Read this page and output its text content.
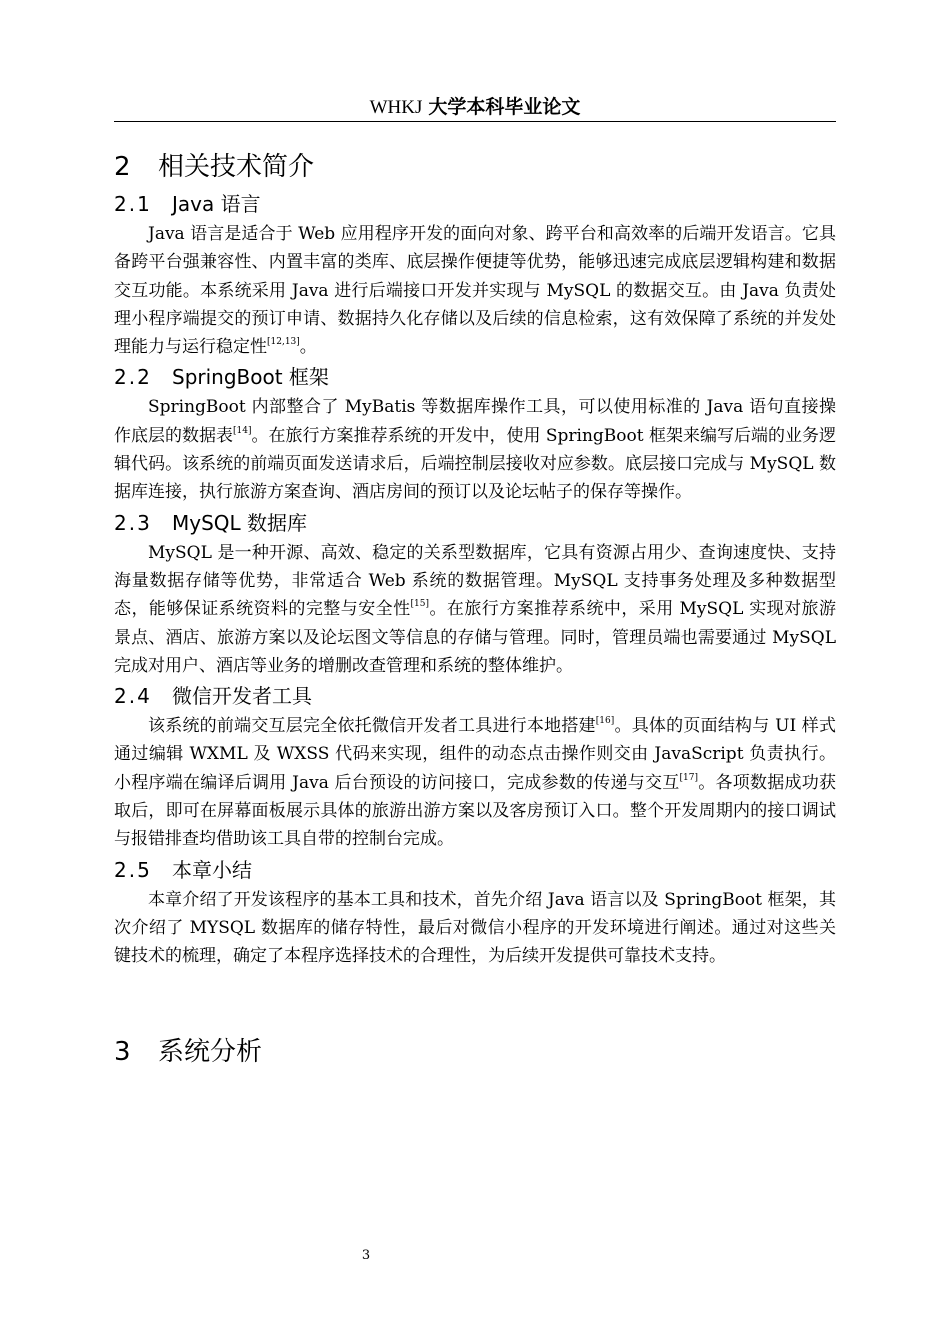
WHKJ 大学本科毕业论文
2 相关技术简介
2.1 Java 语言

Java 语言是适合于 Web 应用程序开发的面向对象、跨平台和高效率的后端开发语言。它具备跨平台强兼容性、内置丰富的类库、底层操作便捷等优势，能够迅速完成底层逻辑构建和数据交互功能。本系统采用 Java 进行后端接口开发并实现与 MySQL 的数据交互。由 Java 负责处理小程序端提交的预订申请、数据持久化存储以及后续的信息检索，这有效保障了系统的并发处理能力与运行稳定性[12,13]。

2.2 SpringBoot 框架

SpringBoot 内部整合了 MyBatis 等数据库操作工具，可以使用标准的 Java 语句直接操作底层的数据表[14]。在旅行方案推荐系统的开发中，使用 SpringBoot 框架来编写后端的业务逻辑代码。该系统的前端页面发送请求后，后端控制层接收对应参数。底层接口完成与 MySQL 数据库连接，执行旅游方案查询、酒店房间的预订以及论坛帖子的保存等操作。

2.3 MySQL 数据库

MySQL 是一种开源、高效、稳定的关系型数据库，它具有资源占用少、查询速度快、支持海量数据存储等优势，非常适合 Web 系统的数据管理。MySQL 支持事务处理及多种数据型态，能够保证系统资料的完整与安全性[15]。在旅行方案推荐系统中，采用 MySQL 实现对旅游景点、酒店、旅游方案以及论坛图文等信息的存储与管理。同时，管理员端也需要通过 MySQL 完成对用户、酒店等业务的增删改查管理和系统的整体维护。

2.4 微信开发者工具

该系统的前端交互层完全依托微信开发者工具进行本地搭建[16]。具体的页面结构与 UI 样式通过编辑 WXML 及 WXSS 代码来实现，组件的动态点击操作则交由 JavaScript 负责执行。小程序端在编译后调用 Java 后台预设的访问接口，完成参数的传递与交互[17]。各项数据成功获取后，即可在屏幕面板展示具体的旅游出游方案以及客房预订入口。整个开发周期内的接口调试与报错排查均借助该工具自带的控制台完成。

2.5 本章小结

本章介绍了开发该程序的基本工具和技术，首先介绍 Java 语言以及 SpringBoot 框架，其次介绍了 MYSQL 数据库的储存特性，最后对微信小程序的开发环境进行阐述。通过对这些关键技术的梳理，确定了本程序选择技术的合理性，为后续开发提供可靠技术支持。

3 系统分析
3
